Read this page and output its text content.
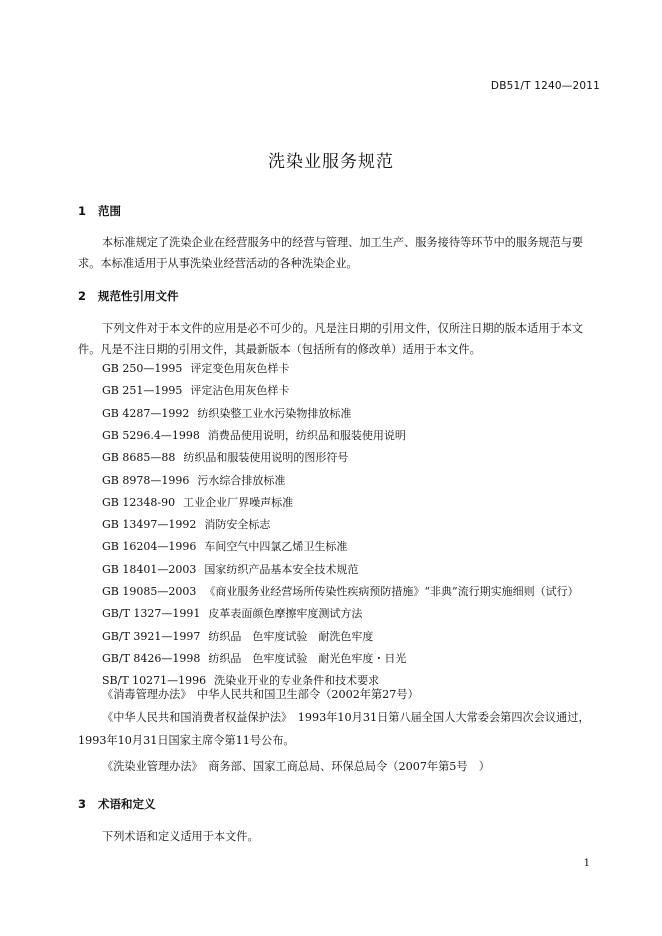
DB51/T 1240—2011
洗染业服务规范
1 范围
本标准规定了洗染企业在经营服务中的经营与管理、加工生产、服务接待等环节中的服务规范与要求。本标准适用于从事洗染业经营活动的各种洗染企业。
2 规范性引用文件
下列文件对于本文件的应用是必不可少的。凡是注日期的引用文件，仅所注日期的版本适用于本文件。凡是不注日期的引用文件，其最新版本（包括所有的修改单）适用于本文件。
GB 250—1995 评定变色用灰色样卡
GB 251—1995 评定沾色用灰色样卡
GB 4287—1992 纺织染整工业水污染物排放标准
GB 5296.4—1998 消费品使用说明，纺织品和服装使用说明
GB 8685—88 纺织品和服装使用说明的图形符号
GB 8978—1996 污水综合排放标准
GB 12348-90 工业企业厂界噪声标准
GB 13497—1992 消防安全标志
GB 16204—1996 车间空气中四氯乙烯卫生标准
GB 18401—2003 国家纺织产品基本安全技术规范
GB 19085—2003 《商业服务业经营场所传染性疾病预防措施》“非典”流行期实施细则（试行）
GB/T 1327—1991 皮革表面颜色摩擦牢度测试方法
GB/T 3921—1997 纺织品　色牢度试验　耐洗色牢度
GB/T 8426—1998 纺织品　色牢度试验　耐光色牢度・日光
SB/T 10271—1996 洗染业开业的专业条件和技术要求
《消毒管理办法》　中华人民共和国卫生部令（2002年第27号）
《中华人民共和国消费者权益保护法》　1993年10月31日第八届全国人大常委会第四次会议通过，
1993年10月31日国家主席令第11号公布。
《洗染业管理办法》　商务部、国家工商总局、环保总局令（2007年第5号　）
3 术语和定义
下列术语和定义适用于本文件。
1
